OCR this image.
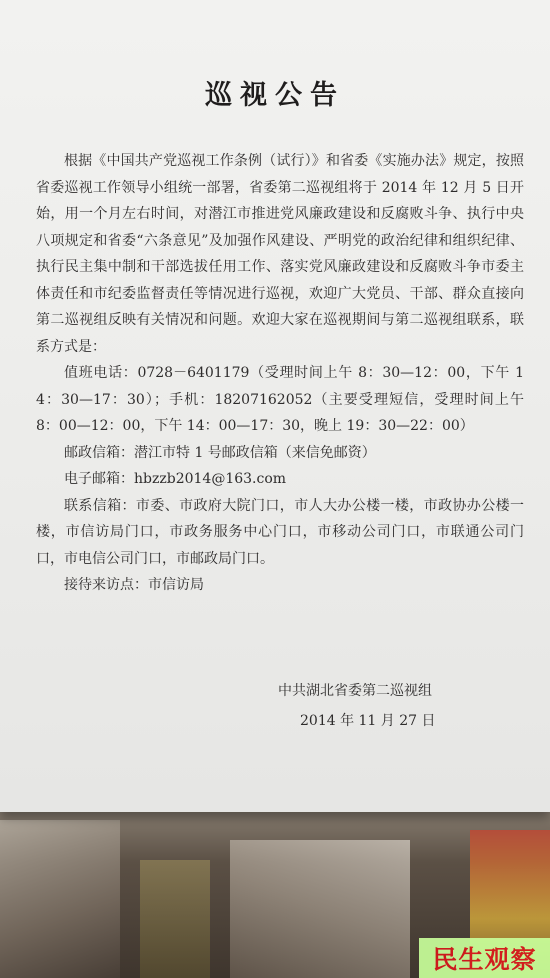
巡视公告

根据《中国共产党巡视工作条例（试行）》和省委《实施办法》规定，按照省委巡视工作领导小组统一部署，省委第二巡视组将于 2014 年 12 月 5 日开始，用一个月左右时间，对潜江市推进党风廉政建设和反腐败斗争、执行中央八项规定和省委“六条意见”及加强作风建设、严明党的政治纪律和组织纪律、执行民主集中制和干部选拔任用工作、落实党风廉政建设和反腐败斗争市委主体责任和市纪委监督责任等情况进行巡视，欢迎广大党员、干部、群众直接向第二巡视组反映有关情况和问题。欢迎大家在巡视期间与第二巡视组联系，联系方式是：

值班电话：0728－6401179（受理时间上午 8：30—12：00，下午 14：30—17：30）；手机：18207162052（主要受理短信，受理时间上午 8：00—12：00，下午 14：00—17：30，晚上 19：30—22：00）

邮政信箱：潜江市特 1 号邮政信箱（来信免邮资）

电子邮箱：hbzzb2014@163.com

联系信箱：市委、市政府大院门口，市人大办公楼一楼，市政协办公楼一楼，市信访局门口，市政务服务中心门口，市移动公司门口，市联通公司门口，市电信公司门口，市邮政局门口。

接待来访点：市信访局

中共湖北省委第二巡视组
2014 年 11 月 27 日
民生观察
